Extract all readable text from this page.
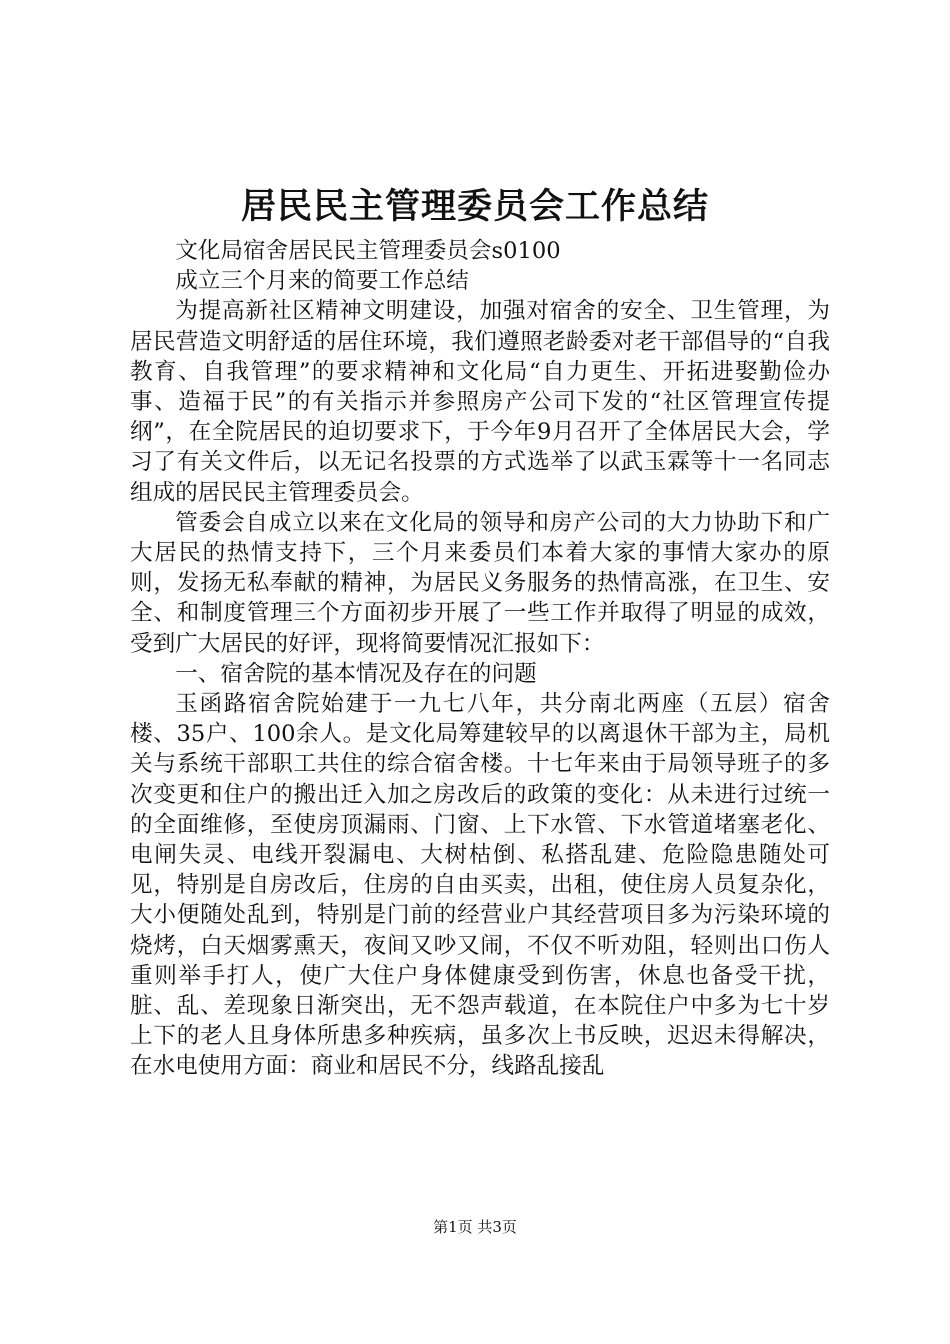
居民民主管理委员会工作总结

文化局宿舍居民民主管理委员会s0100

成立三个月来的简要工作总结

为提高新社区精神文明建设，加强对宿舍的安全、卫生管理，为居民营造文明舒适的居住环境，我们遵照老龄委对老干部倡导的“自我教育、自我管理”的要求精神和文化局“自力更生、开拓进娶勤俭办事、造福于民”的有关指示并参照房产公司下发的“社区管理宣传提纲”，在全院居民的迫切要求下，于今年9月召开了全体居民大会，学习了有关文件后，以无记名投票的方式选举了以武玉霖等十一名同志组成的居民民主管理委员会。

管委会自成立以来在文化局的领导和房产公司的大力协助下和广大居民的热情支持下，三个月来委员们本着大家的事情大家办的原则，发扬无私奉献的精神，为居民义务服务的热情高涨，在卫生、安全、和制度管理三个方面初步开展了一些工作并取得了明显的成效，受到广大居民的好评，现将简要情况汇报如下：

一、宿舍院的基本情况及存在的问题

玉函路宿舍院始建于一九七八年，共分南北两座（五层）宿舍楼、35户、100余人。是文化局筹建较早的以离退休干部为主，局机关与系统干部职工共住的综合宿舍楼。十七年来由于局领导班子的多次变更和住户的搬出迁入加之房改后的政策的变化：从未进行过统一的全面维修，至使房顶漏雨、门窗、上下水管、下水管道堵塞老化、电闸失灵、电线开裂漏电、大树枯倒、私搭乱建、危险隐患随处可见，特别是自房改后，住房的自由买卖，出租，使住房人员复杂化，大小便随处乱到，特别是门前的经营业户其经营项目多为污染环境的烧烤，白天烟雾熏天，夜间又吵又闹，不仅不听劝阻，轻则出口伤人重则举手打人，使广大住户身体健康受到伤害，休息也备受干扰，脏、乱、差现象日渐突出，无不怨声载道，在本院住户中多为七十岁上下的老人且身体所患多种疾病，虽多次上书反映，迟迟未得解决，在水电使用方面：商业和居民不分，线路乱接乱

第1页 共3页
